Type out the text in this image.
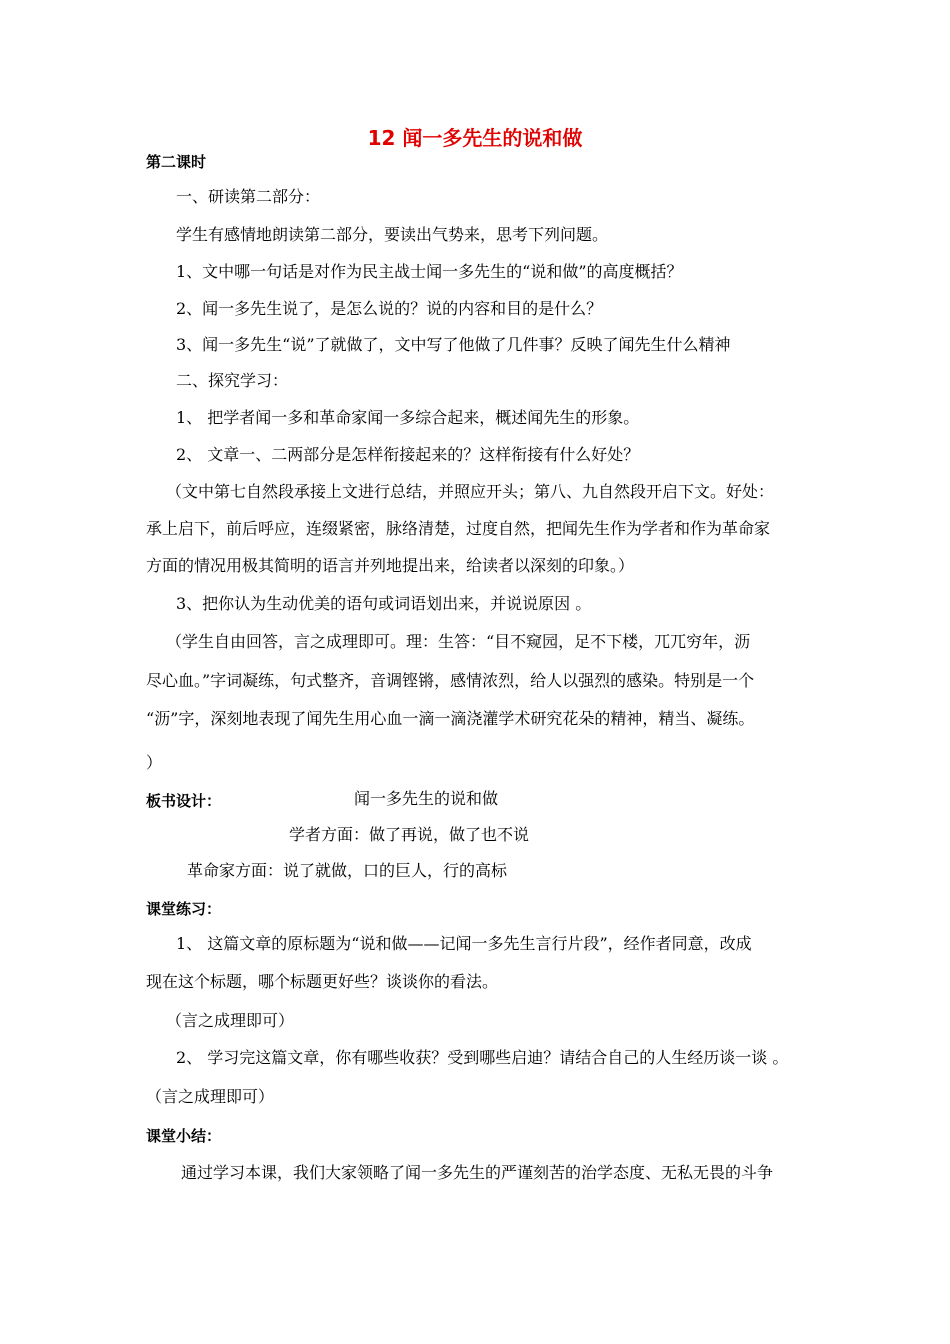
12 闻一多先生的说和做
第二课时
一、研读第二部分：
学生有感情地朗读第二部分，要读出气势来，思考下列问题。
1、文中哪一句话是对作为民主战士闻一多先生的“说和做”的高度概括？
2、闻一多先生说了，是怎么说的？说的内容和目的是什么？
3、闻一多先生“说”了就做了，文中写了他做了几件事？反映了闻先生什么精神
二、探究学习：
1、 把学者闻一多和革命家闻一多综合起来，概述闻先生的形象。
2、 文章一、二两部分是怎样衔接起来的？这样衔接有什么好处？
（文中第七自然段承接上文进行总结，并照应开头；第八、九自然段开启下文。好处：
承上启下，前后呼应，连缀紧密，脉络清楚，过度自然，把闻先生作为学者和作为革命家
方面的情况用极其简明的语言并列地提出来，给读者以深刻的印象。）
3、把你认为生动优美的语句或词语划出来，并说说原因 。
（学生自由回答，言之成理即可。理：生答：“目不窥园，足不下楼，兀兀穷年，沥
尽心血。”字词凝练，句式整齐，音调铿锵，感情浓烈，给人以强烈的感染。特别是一个
“沥”字，深刻地表现了闻先生用心血一滴一滴浇灌学术研究花朵的精神，精当、凝练。
）
板书设计：	闻一多先生的说和做
学者方面：做了再说，做了也不说
革命家方面：说了就做，口的巨人，行的高标
课堂练习：
1、 这篇文章的原标题为“说和做——记闻一多先生言行片段”，经作者同意，改成
现在这个标题，哪个标题更好些？谈谈你的看法。
（言之成理即可）
2、 学习完这篇文章，你有哪些收获？受到哪些启迪？请结合自己的人生经历谈一谈 。
（言之成理即可）
课堂小结：
通过学习本课，我们大家领略了闻一多先生的严谨刻苦的治学态度、无私无畏的斗争
